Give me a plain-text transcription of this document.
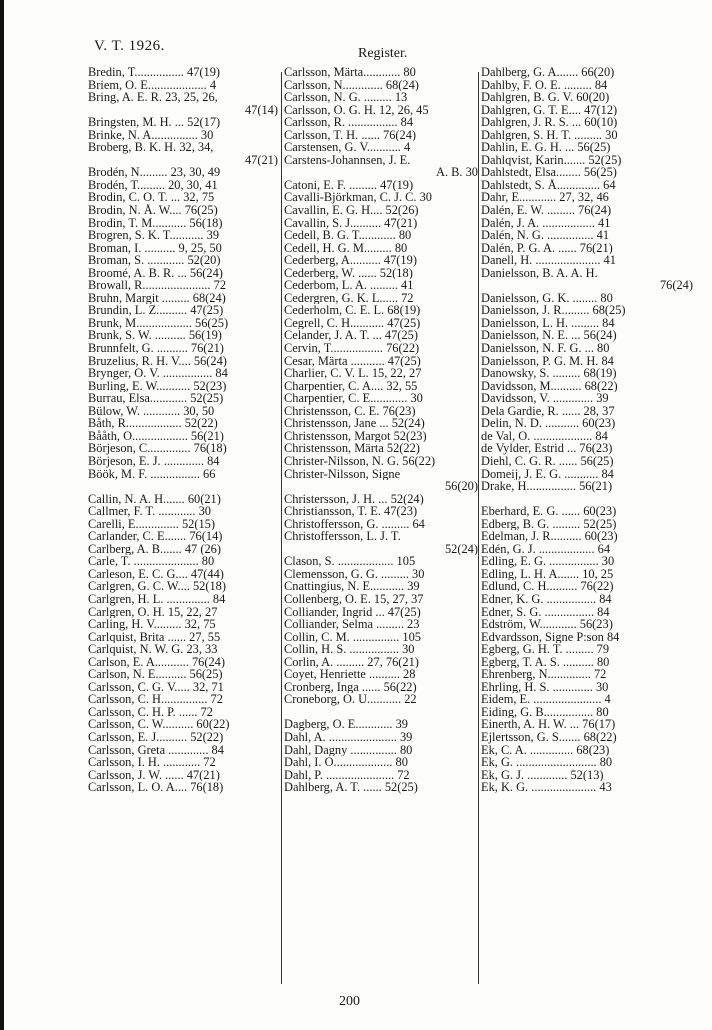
V. T. 1926.	Register.
Bredin, T................ 47(19)
Briem, O. E................... 4
Bring, A. E. R. 23, 25, 26,
47(14)
Bringsten, M. H. ... 52(17)
Brinke, N. A............... 30
Broberg, B. K. H. 32, 34,
47(21)
Brodén, N......... 23, 30, 49
Brodén, T......... 20, 30, 41
Brodin, C. O. T. ... 32, 75
Brodin, N. Å. W.... 76(25)
Brodin, T. M........... 56(18)
Brogren, S. K. T........... 39
Broman, I. .......... 9, 25, 50
Broman, S. ............ 52(20)
Broomé, A. B. R. ... 56(24)
Browall, R...................... 72
Bruhn, Margit ......... 68(24)
Brundin, L. Z.......... 47(25)
Brunk, M.................. 56(25)
Brunk, S. W. .......... 56(19)
Brunnfelt, G. .......... 76(21)
Bruzelius, R. H. V.... 56(24)
Brynger, O. V. ................ 84
Burling, E. W........... 52(23)
Burrau, Elsa............ 52(25)
Bülow, W. ............ 30, 50
Båth, R.................. 52(22)
Bååth, O.................. 56(21)
Börjeson, C.............. 76(18)
Börjeson, E. J. ............. 84
Böök, M. F. ................ 66
Callin, N. A. H....... 60(21)
Callmer, F. T. ............ 30
Carelli, E.............. 52(15)
Carlander, C. E....... 76(14)
Carlberg, A. B....... 47 (26)
Carle, T. ..................... 80
Carleson, E. C. G.... 47(44)
Carlgren, G. C. W.... 52(18)
Carlgren, H. L. .............. 84
Carlgren, O. H. 15, 22, 27
Carling, H. V......... 32, 75
Carlquist, Brita ...... 27, 55
Carlquist, N. W. G. 23, 33
Carlson, E. A........... 76(24)
Carlson, N. E.......... 56(25)
Carlsson, C. G. V..... 32, 71
Carlsson, C. H............... 72
Carlsson, C. H. P. ...... 72
Carlsson, C. W.......... 60(22)
Carlsson, E. J.......... 52(22)
Carlsson, Greta ............. 84
Carlsson, I. H. ............ 72
Carlsson, J. W. ...... 47(21)
Carlsson, L. O. A.... 76(18)
Carlsson, Märta............ 80
Carlsson, N............. 68(24)
Carlsson, N. G. ......... 13
Carlsson, O. G. H. 12, 26, 45
Carlsson, R. ................ 84
Carlsson, T. H. ...... 76(24)
Carstensen, G. V........... 4
Carstens-Johannsen, J. E.
A. B. 30
Catoni, E. F. ......... 47(19)
Cavalli-Björkman, C. J. C. 30
Cavallin, E. G. H.... 52(26)
Cavallin, S. J.......... 47(21)
Cedell, B. G. T............ 80
Cedell, H. G. M......... 80
Cederberg, A.......... 47(19)
Cederberg, W. ...... 52(18)
Cederbom, L. A. ......... 41
Cedergren, G. K. L...... 72
Cederholm, C. E. L. 68(19)
Cegrell, C. H........... 47(25)
Celander, J. A. T. ... 47(25)
Cervin, T................. 76(22)
Cesar, Märta ........... 47(25)
Charlier, C. V. L. 15, 22, 27
Charpentier, C. A.... 32, 55
Charpentier, C. E............ 30
Christensson, C. E. 76(23)
Christensson, Jane ... 52(24)
Christensson, Margot 52(23)
Christensson, Märta 52(22)
Christer-Nilsson, N. G. 56(22)
Christer-Nilsson, Signe
56(20)
Christersson, J. H. ... 52(24)
Christiansson, T. E. 47(23)
Christoffersson, G. ......... 64
Christoffersson, L. J. T.
52(24)
Clason, S. .................. 105
Clemensson, G. G. ......... 30
Cnattingius, N. E........... 39
Collenberg, O. E. 15, 27, 37
Colliander, Ingrid ... 47(25)
Colliander, Selma ......... 23
Collin, C. M. ............... 105
Collin, H. S. ................ 30
Corlin, A. ......... 27, 76(21)
Coyet, Henriette .......... 28
Cronberg, Inga ...... 56(22)
Croneborg, O. U........... 22
Dagberg, O. E............ 39
Dahl, A. ...................... 39
Dahl, Dagny ............... 80
Dahl, I. O................... 80
Dahl, P. ...................... 72
Dahlberg, A. T. ...... 52(25)
Dahlberg, G. A....... 66(20)
Dahlby, F. O. E. ......... 84
Dahlgren, B. G. V. 60(20)
Dahlgren, G. T. E.... 47(12)
Dahlgren, J. R. S. ... 60(10)
Dahlgren, S. H. T. ......... 30
Dahlin, E. G. H. ... 56(25)
Dahlqvist, Karin....... 52(25)
Dahlstedt, Elsa........ 56(25)
Dahlstedt, S. Å.............. 64
Dahr, E............ 27, 32, 46
Dalén, E. W. ......... 76(24)
Dalén, J. A. ................. 41
Dalén, N. G. ............... 41
Dalén, P. G. A. ...... 76(21)
Danell, H. ..................... 41
Danielsson, B. A. A. H.
76(24)
Danielsson, G. K. ........ 80
Danielsson, J. R......... 68(25)
Danielsson, L. H. ......... 84
Danielsson, N. E. ... 56(24)
Danielsson, N. F. G. ... 80
Danielsson, P. G. M. H. 84
Danowsky, S. ......... 68(19)
Davidsson, M.......... 68(22)
Davidsson, V. ............. 39
Dela Gardie, R. ...... 28, 37
Delin, N. D. ........... 60(23)
de Val, O. ................... 84
de Vylder, Estrid ... 76(23)
Diehl, C. G. R. ...... 56(25)
Domeij, J. E. G. ........... 84
Drake, H................ 56(21)
Eberhard, E. G. ...... 60(23)
Edberg, B. G. ......... 52(25)
Edelman, J. R.......... 60(23)
Edén, G. J. .................. 64
Edling, E. G. ................ 30
Edling, L. H. A....... 10, 25
Edlund, C. H.......... 76(22)
Edner, K. G. ................ 84
Edner, S. G. ................ 84
Edström, W............ 56(23)
Edvardsson, Signe P:son 84
Egberg, G. H. T. ......... 79
Egberg, T. A. S. .......... 80
Ehrenberg, N.............. 72
Ehrling, H. S. ............. 30
Eidem, E. ...................... 4
Eiding, G. B................ 80
Einerth, A. H. W. ... 76(17)
Ejlertsson, G. S....... 68(22)
Ek, C. A. .............. 68(23)
Ek, G. .......................... 80
Ek, G. J. ............. 52(13)
Ek, K. G. ..................... 43
200
